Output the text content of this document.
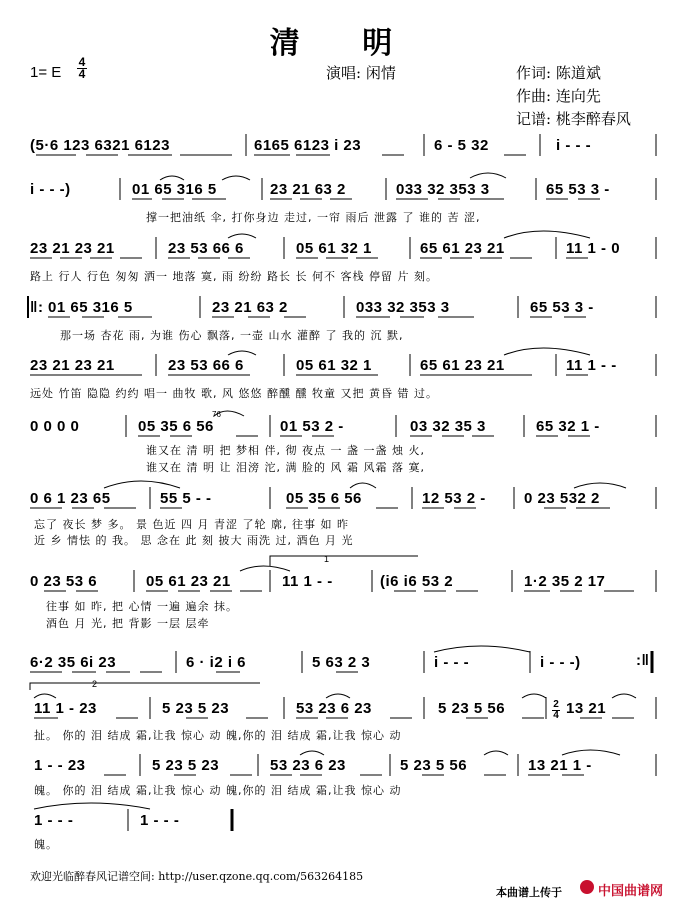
清 明
1= E
4
4	演唱: 闲情	作词: 陈道斌
作曲: 连向先
记谱: 桃李醉春风
(5·6 123 6321 6123	6165 6123 i 23	6 - 5 32	i - - -
i - - -)	01 65 316 5	23 21 63 2	033 32 353 3	65 53 3 -
撑一把油纸 伞, 打你身边 走过, 一帘 雨后 泄露 了 谁的 苦 涩,
23 21 23 21	23 53 66 6	05 61 32 1	65 61 23 21	11 1 - 0
路上 行人 行色 匆匆 洒一 地落 寞, 雨 纷纷 路长 长 何不 客栈 停留 片 刻。
‖: 01 65 316 5	23 21 63 2	033 32 353 3	65 53 3 -
那一场 杏花 雨, 为谁 伤心 飘落, 一壶 山水 灌醉 了 我的 沉 默,
23 21 23 21	23 53 66 6	05 61 32 1	65 61 23 21	11 1 - -
远处 竹笛 隐隐 约约 唱一 曲牧 歌, 风 悠悠 醉醺 醺 牧童 又把 黄昏 错 过。
0 0 0 0	05 35 6 56
76
01 53 2 -	03 32 35 3	65 32 1 -
谁又在 清 明 把 梦相 伴, 彻 夜点 一 盏 一盏 烛 火,
谁又在 清 明 让 泪滂 沱, 满 脸的 风 霜 风霜 落 寞,
0 6 1 23 65	55 5 - -	05 35 6 56	12 53 2 -	0 23 532 2
忘了 夜长 梦 多。 景 色近 四 月 青涩 了轮 廓, 往事 如 昨
近 乡 情怯 的 我。 思 念在 此 刻 披大 雨洗 过, 酒色 月 光
0 23 53 6	05 61 23 21	11 1 - -	(i6 i6 53 2	1·2 35 2 17
往事 如 昨, 把 心情 一遍 遍余 抹。
酒色 月 光, 把 背影 一层 层牵
6·2 35 6i 23	6 · i2 i 6	5 63 2 3	i - - -	i - - -)	:‖
11 1 - 23	5 23 5 23	53 23 6 23	5 23 5 56	2
4 13 21
扯。 你的 泪 结成 霜,让我 惊心 动 魄,你的 泪 结成 霜,让我 惊心 动
1 - - 23	5 23 5 23	53 23 6 23	5 23 5 56	13 21 1 -
魄。 你的 泪 结成 霜,让我 惊心 动 魄,你的 泪 结成 霜,让我 惊心 动
1 - - -	1 - - -
魄。
1
2
欢迎光临醉春风记谱空间: http://user.qzone.qq.com/563264185
本曲谱上传于	中国曲谱网
